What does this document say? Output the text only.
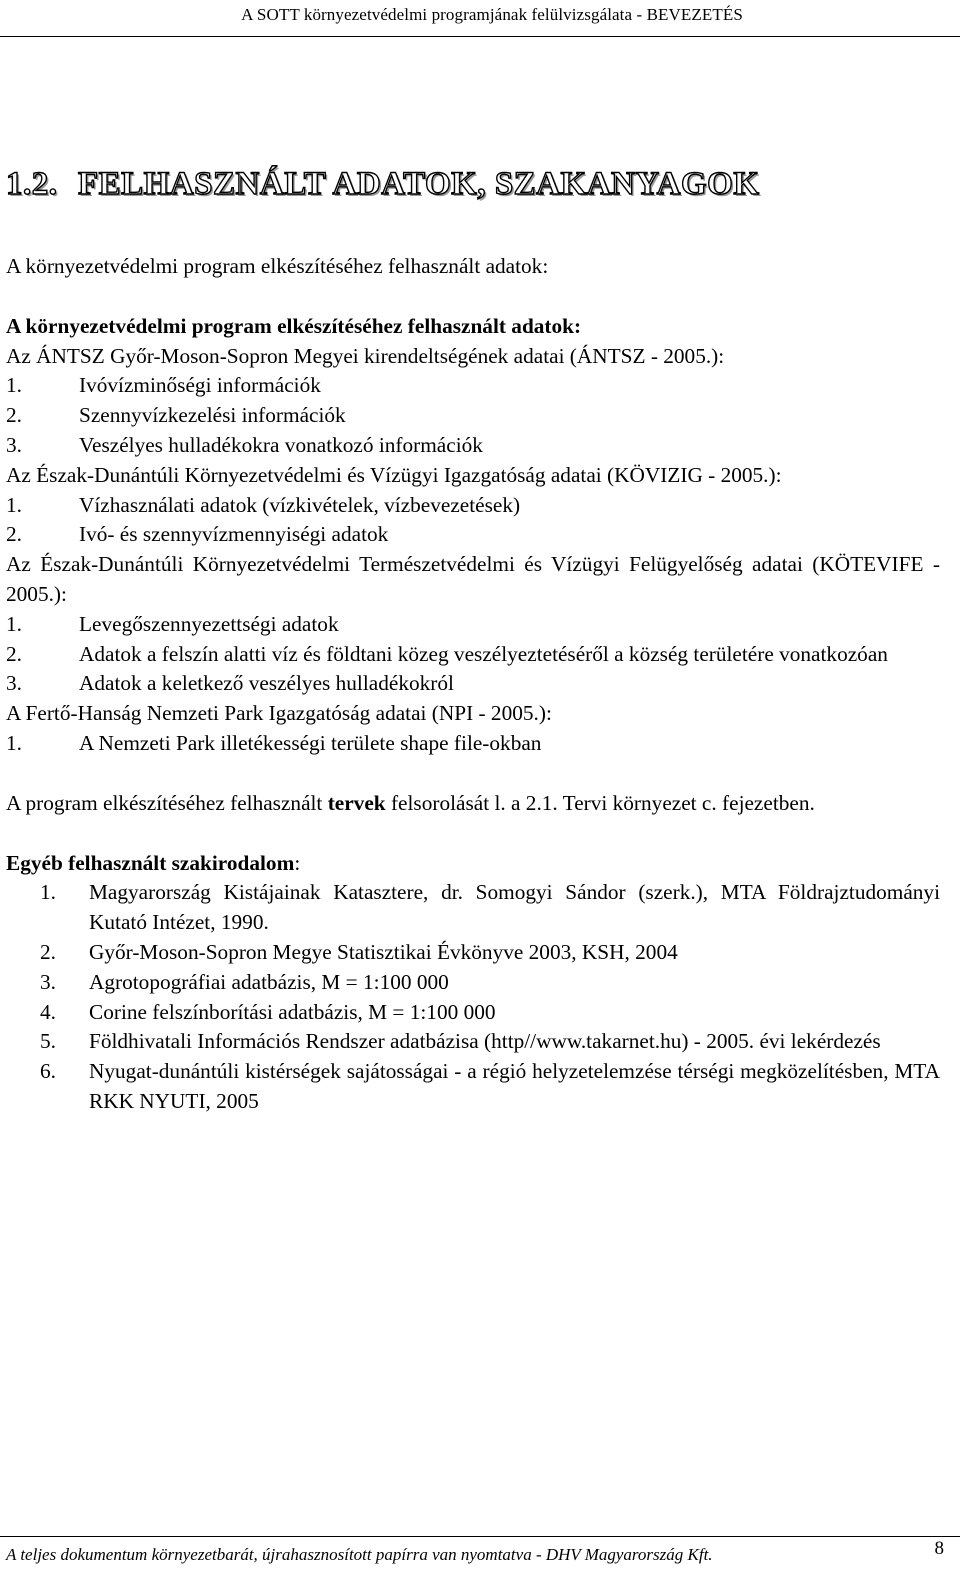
A SOTT környezetvédelmi programjának felülvizsgálata - BEVEZETÉS
1.2. FELHASZNÁLT ADATOK, SZAKANYAGOK

A környezetvédelmi program elkészítéséhez felhasznált adatok:

A környezetvédelmi program elkészítéséhez felhasznált adatok:

Az ÁNTSZ Győr-Moson-Sopron Megyei kirendeltségének adatai (ÁNTSZ - 2005.):

1.	Ivóvízminőségi információk
2.	Szennyvízkezelési információk
3.	Veszélyes hulladékokra vonatkozó információk

Az Észak-Dunántúli Környezetvédelmi és Vízügyi Igazgatóság adatai (KÖVIZIG - 2005.):

1.	Vízhasználati adatok (vízkivételek, vízbevezetések)
2.	Ivó- és szennyvízmennyiségi adatok

Az Észak-Dunántúli Környezetvédelmi Természetvédelmi és Vízügyi Felügyelőség adatai (KÖTEVIFE - 2005.):

1.	Levegőszennyezettségi adatok
2.	Adatok a felszín alatti víz és földtani közeg veszélyeztetéséről a község területére vonatkozóan
3.	Adatok a keletkező veszélyes hulladékokról

A Fertő-Hanság Nemzeti Park Igazgatóság adatai (NPI - 2005.):

1.	A Nemzeti Park illetékességi területe shape file-okban

A program elkészítéséhez felhasznált tervek felsorolását l. a 2.1. Tervi környezet c. fejezetben.

Egyéb felhasznált szakirodalom:

1.	Magyarország Kistájainak Katasztere, dr. Somogyi Sándor (szerk.), MTA Földrajztudományi Kutató Intézet, 1990.
2.	Győr-Moson-Sopron Megye Statisztikai Évkönyve 2003, KSH, 2004
3.	Agrotopográfiai adatbázis, M = 1:100 000
4.	Corine felszínborítási adatbázis, M = 1:100 000
5.	Földhivatali Információs Rendszer adatbázisa (http//www.takarnet.hu) - 2005. évi lekérdezés
6.	Nyugat-dunántúli kistérségek sajátosságai - a régió helyzetelemzése térségi megközelítésben, MTA RKK NYUTI, 2005
A teljes dokumentum környezetbarát, újrahasznosított papírra van nyomtatva - DHV Magyarország Kft.	8
